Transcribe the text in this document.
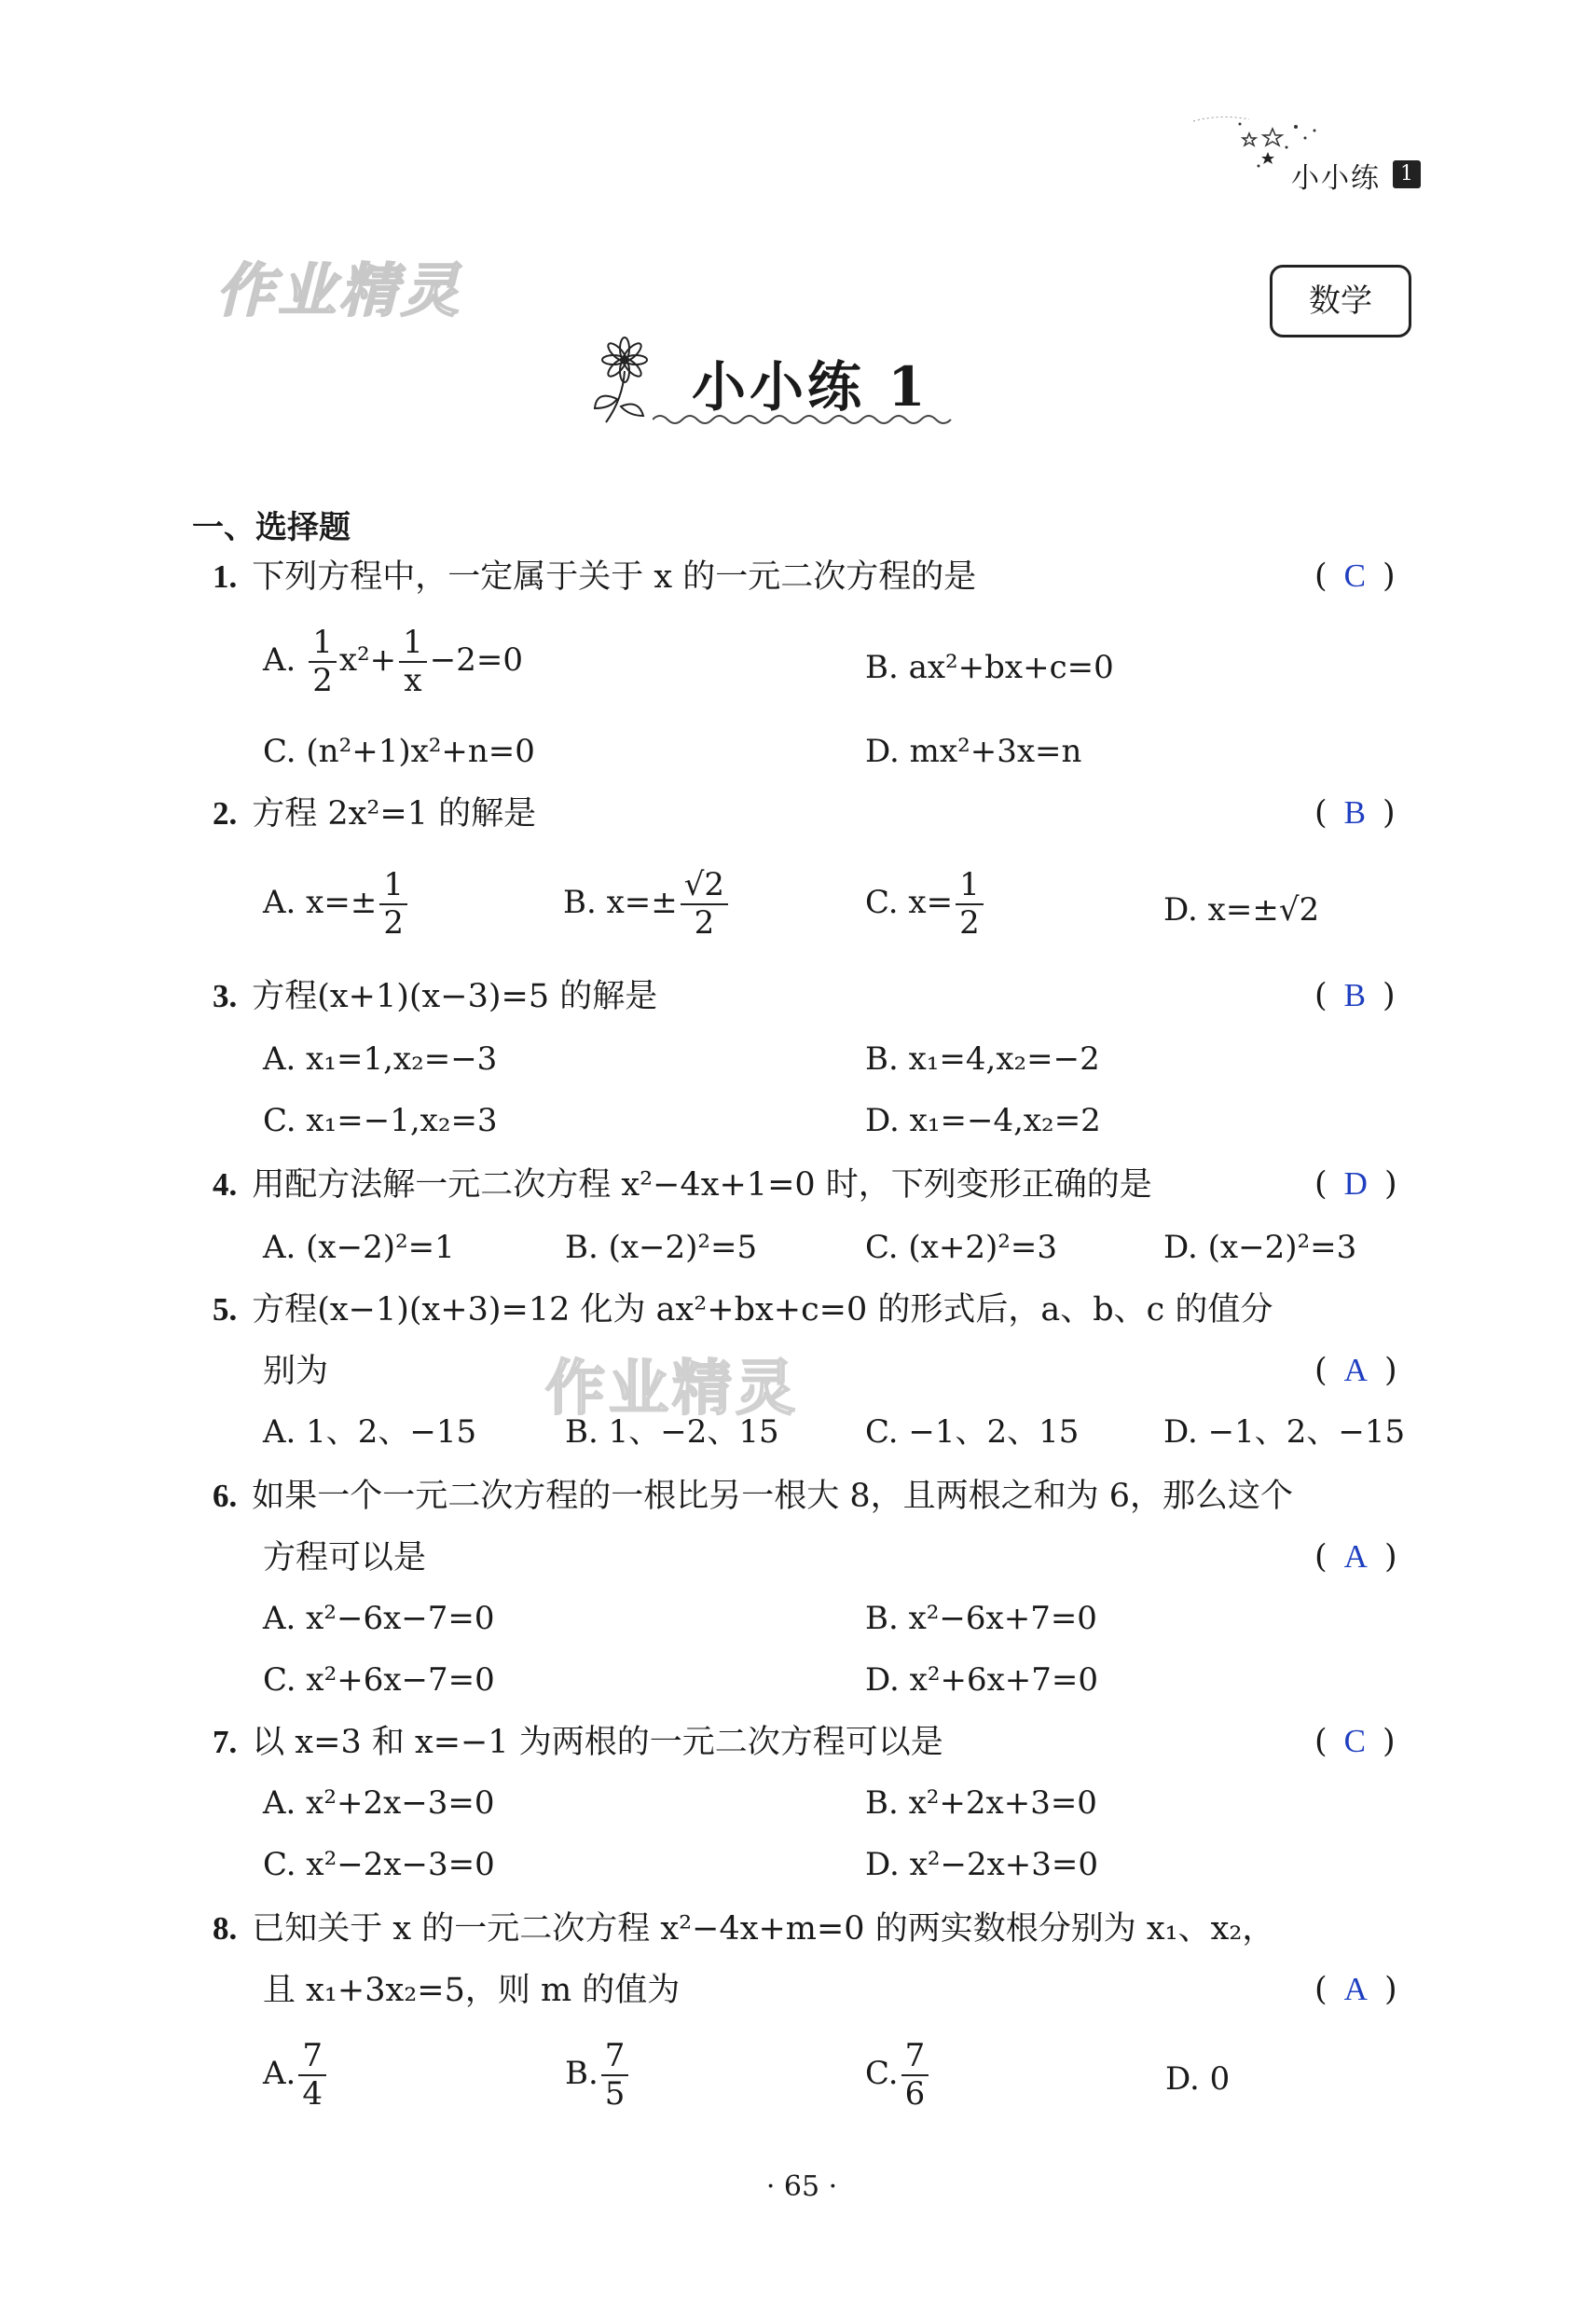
小小练 1
作业精灵	数学
小小练 1
一、选择题
作业精灵
1. 下列方程中，一定属于关于 x 的一元二次方程的是	( C )
A. $\frac{1}{2} x^2+ \frac{1}{x} -2=0$	B. ax²+bx+c=0
C. (n²+1)x²+n=0	D. mx²+3x=n
2. 方程 2x²=1 的解是	( B )
A. $x=\pm \frac{1}{2}$	B. $x=\pm \frac{√2}{2}$	C. $x= \frac{1}{2}$	D. x=±√2
3. 方程(x+1)(x−3)=5 的解是	( B )
A. x₁=1,x₂=−3	B. x₁=4,x₂=−2
C. x₁=−1,x₂=3	D. x₁=−4,x₂=2
4. 用配方法解一元二次方程 x²−4x+1=0 时，下列变形正确的是	( D )
A. (x−2)²=1	B. (x−2)²=5	C. (x+2)²=3	D. (x−2)²=3
5. 方程(x−1)(x+3)=12 化为 ax²+bx+c=0 的形式后，a、b、c 的值分
别为	( A )
A. 1、2、−15	B. 1、−2、15	C. −1、2、15	D. −1、2、−15
6. 如果一个一元二次方程的一根比另一根大 8，且两根之和为 6，那么这个
方程可以是	( A )
A. x²−6x−7=0	B. x²−6x+7=0
C. x²+6x−7=0	D. x²+6x+7=0
7. 以 x=3 和 x=−1 为两根的一元二次方程可以是	( C )
A. x²+2x−3=0	B. x²+2x+3=0
C. x²−2x−3=0	D. x²−2x+3=0
8. 已知关于 x 的一元二次方程 x²−4x+m=0 的两实数根分别为 x₁、x₂，
且 x₁+3x₂=5，则 m 的值为	( A )
A. $\frac{7}{4}$	B. $\frac{7}{5}$	C. $\frac{7}{6}$	D. 0
· 65 ·
